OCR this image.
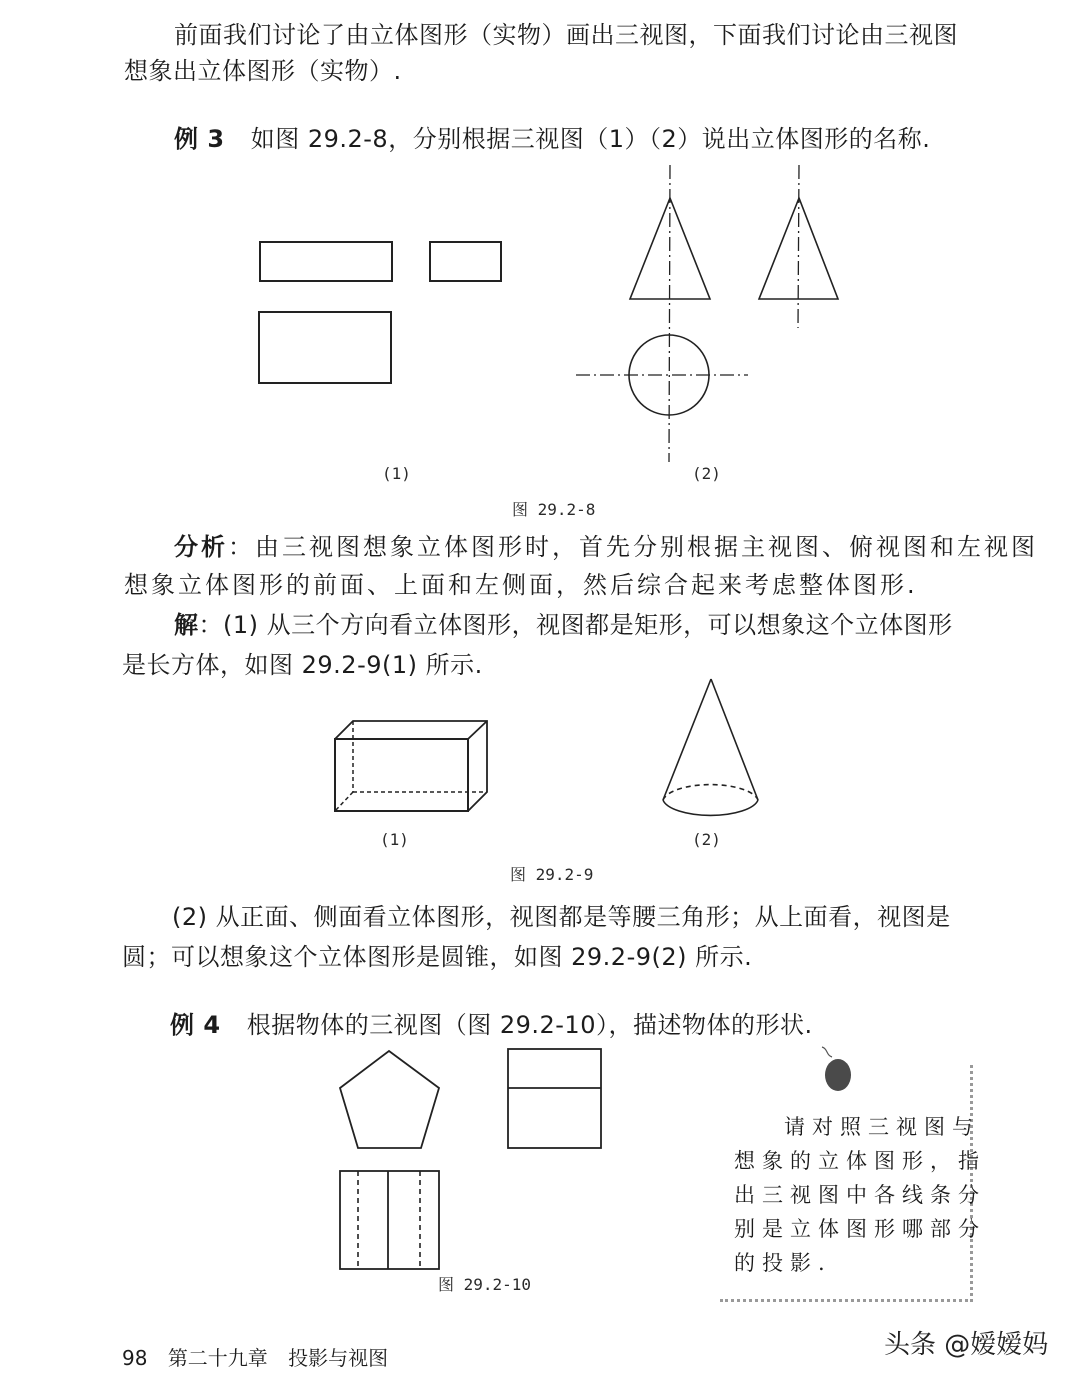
前面我们讨论了由立体图形（实物）画出三视图，下面我们讨论由三视图
想象出立体图形（实物）.
例 3 如图 29.2-8，分别根据三视图（1）（2）说出立体图形的名称.
(1)	(2)
图 29.2-8
分析：由三视图想象立体图形时，首先分别根据主视图、俯视图和左视图
想象立体图形的前面、上面和左侧面，然后综合起来考虑整体图形.
解：(1) 从三个方向看立体图形，视图都是矩形，可以想象这个立体图形
是长方体，如图 29.2-9(1) 所示.
(1)	(2)
图 29.2-9
(2) 从正面、侧面看立体图形，视图都是等腰三角形；从上面看，视图是
圆；可以想象这个立体图形是圆锥，如图 29.2-9(2) 所示.
例 4 根据物体的三视图（图 29.2-10），描述物体的形状.
图 29.2-10
请对照三视图与
想象的立体图形，指
出三视图中各线条分
别是立体图形哪部分
的投影.
98 第二十九章 投影与视图	头条 @嫒嫒妈
